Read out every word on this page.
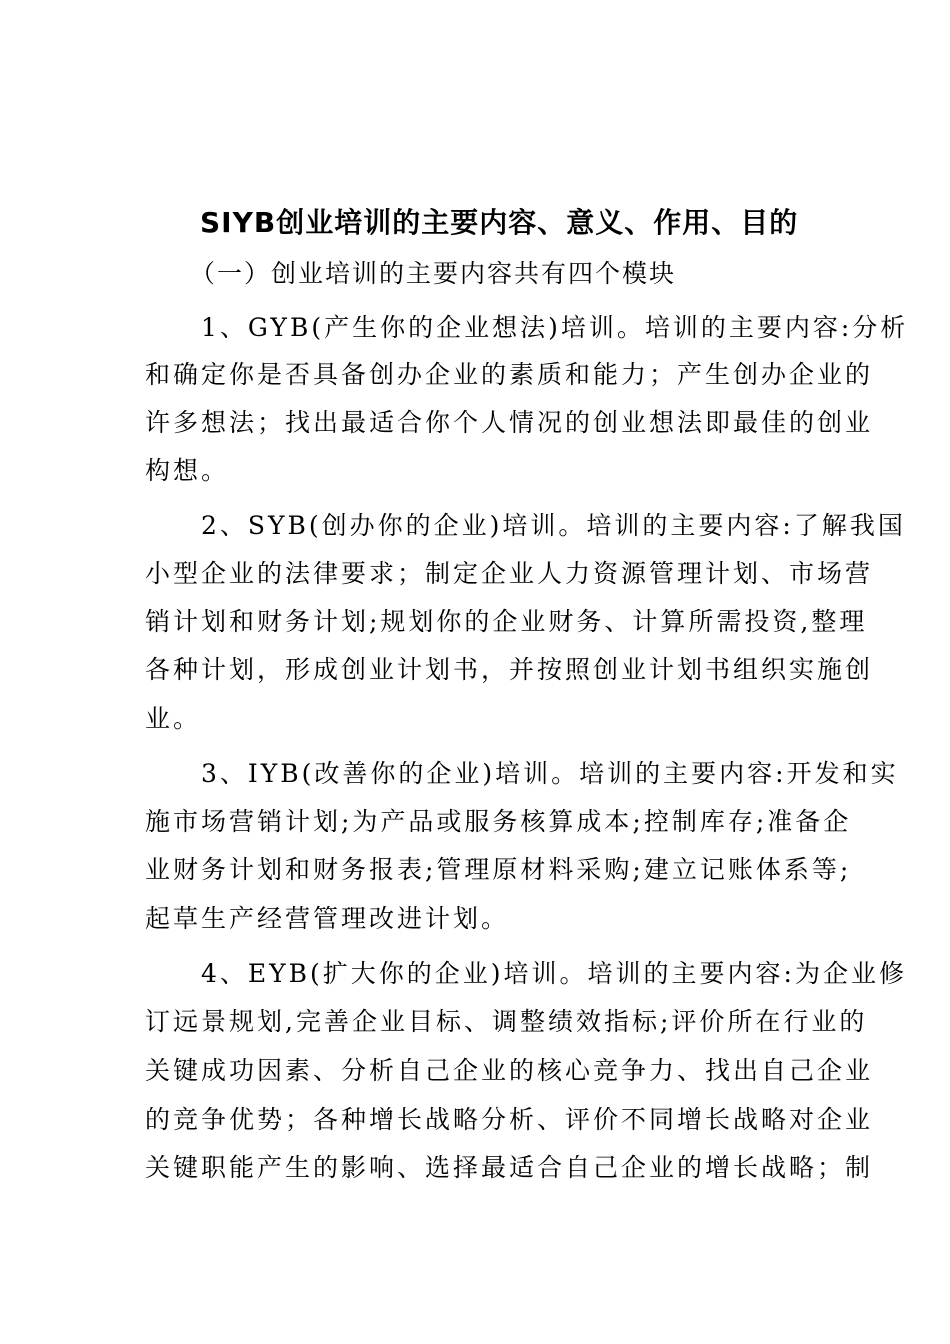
SIYB创业培训的主要内容、意义、作用、目的
（一）创业培训的主要内容共有四个模块
　　1、GYB(产生你的企业想法)培训。培训的主要内容:分析
和确定你是否具备创办企业的素质和能力；产生创办企业的
许多想法；找出最适合你个人情况的创业想法即最佳的创业
构想。
　　2、SYB(创办你的企业)培训。培训的主要内容:了解我国
小型企业的法律要求；制定企业人力资源管理计划、市场营
销计划和财务计划;规划你的企业财务、计算所需投资,整理
各种计划，形成创业计划书，并按照创业计划书组织实施创
业。
　　3、IYB(改善你的企业)培训。培训的主要内容:开发和实
施市场营销计划;为产品或服务核算成本;控制库存;准备企
业财务计划和财务报表;管理原材料采购;建立记账体系等;
起草生产经营管理改进计划。
　　4、EYB(扩大你的企业)培训。培训的主要内容:为企业修
订远景规划,完善企业目标、调整绩效指标;评价所在行业的
关键成功因素、分析自己企业的核心竞争力、找出自己企业
的竞争优势；各种增长战略分析、评价不同增长战略对企业
关键职能产生的影响、选择最适合自己企业的增长战略；制
